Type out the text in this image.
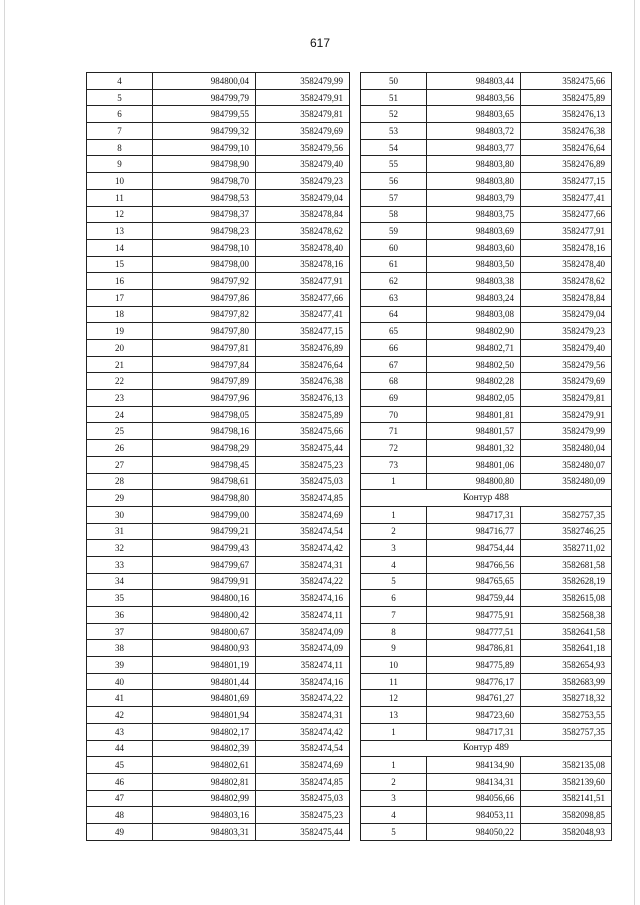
617
4	984800,04	3582479,99
5	984799,79	3582479,91
6	984799,55	3582479,81
7	984799,32	3582479,69
8	984799,10	3582479,56
9	984798,90	3582479,40
10	984798,70	3582479,23
11	984798,53	3582479,04
12	984798,37	3582478,84
13	984798,23	3582478,62
14	984798,10	3582478,40
15	984798,00	3582478,16
16	984797,92	3582477,91
17	984797,86	3582477,66
18	984797,82	3582477,41
19	984797,80	3582477,15
20	984797,81	3582476,89
21	984797,84	3582476,64
22	984797,89	3582476,38
23	984797,96	3582476,13
24	984798,05	3582475,89
25	984798,16	3582475,66
26	984798,29	3582475,44
27	984798,45	3582475,23
28	984798,61	3582475,03
29	984798,80	3582474,85
30	984799,00	3582474,69
31	984799,21	3582474,54
32	984799,43	3582474,42
33	984799,67	3582474,31
34	984799,91	3582474,22
35	984800,16	3582474,16
36	984800,42	3582474,11
37	984800,67	3582474,09
38	984800,93	3582474,09
39	984801,19	3582474,11
40	984801,44	3582474,16
41	984801,69	3582474,22
42	984801,94	3582474,31
43	984802,17	3582474,42
44	984802,39	3582474,54
45	984802,61	3582474,69
46	984802,81	3582474,85
47	984802,99	3582475,03
48	984803,16	3582475,23
49	984803,31	3582475,44
50	984803,44	3582475,66
51	984803,56	3582475,89
52	984803,65	3582476,13
53	984803,72	3582476,38
54	984803,77	3582476,64
55	984803,80	3582476,89
56	984803,80	3582477,15
57	984803,79	3582477,41
58	984803,75	3582477,66
59	984803,69	3582477,91
60	984803,60	3582478,16
61	984803,50	3582478,40
62	984803,38	3582478,62
63	984803,24	3582478,84
64	984803,08	3582479,04
65	984802,90	3582479,23
66	984802,71	3582479,40
67	984802,50	3582479,56
68	984802,28	3582479,69
69	984802,05	3582479,81
70	984801,81	3582479,91
71	984801,57	3582479,99
72	984801,32	3582480,04
73	984801,06	3582480,07
1	984800,80	3582480,09
Контур 488		
1	984717,31	3582757,35
2	984716,77	3582746,25
3	984754,44	3582711,02
4	984766,56	3582681,58
5	984765,65	3582628,19
6	984759,44	3582615,08
7	984775,91	3582568,38
8	984777,51	3582641,58
9	984786,81	3582641,18
10	984775,89	3582654,93
11	984776,17	3582683,99
12	984761,27	3582718,32
13	984723,60	3582753,55
1	984717,31	3582757,35
Контур 489		
1	984134,90	3582135,08
2	984134,31	3582139,60
3	984056,66	3582141,51
4	984053,11	3582098,85
5	984050,22	3582048,93
